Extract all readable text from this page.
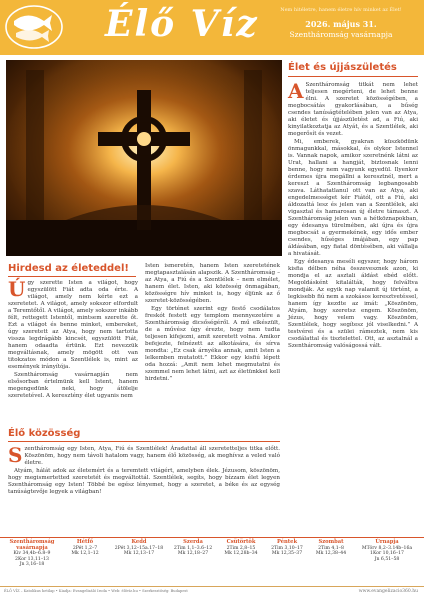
Élő Víz	Nem hitéletre, hanem életre hív minket az Élet!
2026. május 31.
Szentháromság vasárnapja
Hirdesd az életeddel!

Úgy szerette Isten a világot, hogy egyszülött Fiát adta oda érte. A világot, amely nem kérte ezt a szeretetet. A világot, amely sokszor elfordult a Teremtőtől. A világot, amely sokszor inkább félt, rettegett Istentől, mintsem szerette őt. Ezt a világot és benne minket, embereket, úgy szeretett az Atya, hogy nem tartotta vissza legdrágább kincsét, egyszülött Fiát, hanem odaadta értünk. Ezt nevezzük megváltásnak, amely mögött ott van titokzatos módon a Szentlélek is, mint az események irányítója.

Szentháromság vasárnapján nem elsősorban értelmünk kell Istent, hanem megengedünk neki, hogy átölelje szeretetével. A keresztény élet ugyanis nem

Isten ismeretén, hanem Isten szeretetének megtapasztalásán alapszik. A Szentháromság – az Atya, a Fiú és a Szentlélek – nem elmélet, hanem élet. Isten, aki közösség önmagában, közösségre hív minket is, hogy éljünk az ő szeretet-közösségében.

Egy történet szerint egy festő csodálatos freskót festett egy templom mennyezetére a Szentháromság dicsőségéről. A mű elkészült, de a művész úgy érezte, hogy nem tudta teljesen kifejezni, amit szeretett volna. Amikor befejezte, felnézett az alkotására, és sírva mondta: „Ez csak árnyéka annak, amit Isten a lelkemben mutatott.” Ekkor egy kisfiú lépett oda hozzá: „Amit nem lehet megmutatni és szemmel nem lehet látni, azt az életünkkel kell hirdetni.”

Élő közösség

Szentháromság egy Isten, Atya, Fiú és Szentlélek! Áradattal áll szeretetteljes titka előtt. Köszönöm, hogy nem távoli hatalom vagy, hanem élő közösség, ak meghívsz a veled való életre.

Atyám, hálát adok az életemért és a teremtett világért, amelyben élek. Jézusom, köszönöm, hogy megismertetted szeretetét és megváltottál. Szentlélek, segíts, hogy bízzam élet legyen Szentháromság egy Isten! Többé be egész lényemet, hogy a szeretet, a béke és az egység tanúságtevője legyek a világban!

Élet és újjászületés

A Szentháromság titkát nem lehet teljesen megérteni, de lehet benne élni. A szeretet közösségében, a megbocsátás gyakorlásában, a bűség csendes tanúságtételében jelen van az Atya, aki életet és újjászületést ad, a Fiú, aki kinyilatkoztatja az Atyát, és a Szentlélek, aki megerősít és vezet.

Mi, emberek, gyakran küszködünk önmagunkkal, másokkal, és olykor Istennel is. Vannak napok, amikor szeretnénk látni az Urat, hallani a hangját, biztosnak lenni benne, hogy nem vagyunk egyedül. Ilyenkor érdemes újra megállni a keresztnél, mert a kereszt a Szentháromság legbangosabb szava. Láthatatlanul ott van az Atya, aki engedelmességet kér Fiától, ott a Fiú, aki áldozattá lesz és jelen van a Szentlélek, aki vigasztal és hamarosan új életre támaszt. A Szentháromság jelen van a hétköznapokban, egy édesanya türelmében, aki újra és újra megbocsát a gyermekének, egy idős ember csendes, hűséges imájában, egy pap áldásában, egy fiatal döntésében, aki vállalja a hivatását.

Egy édesanya meséli egyszer, hogy három kisfia délben néha összevesznek azon, ki mondja el az asztali áldást ebéd előtt. Megoldásként kitalálták, hogy felváltva mondják. Az egyik nap valamit új történt, a legkisebb fiú nem a szokásos keresztvetéssel, hanem így kezdte az imát: „Köszönöm, Atyám, hogy szeretsz engem. Köszönöm, Jézus, hogy velem vagy. Köszönöm, Szentlélek, hogy segítesz jól viselkedni.” A testvérei és a szülei rámeztek, nem kis csodálattal és tisztelettel. Ott, az asztalnál a Szentháromság valóságossá vált.

Szentháromság vasárnapja
Kiv 34,4b–6.8–9
2Kor 13,11–13
Jn 3,16–18
Hétfő
2Pét 1,2–7
Mk 12,1–12
Kedd
2Pét 3,12–15a.17–18
Mk 12,13–17
Szerda
2Tim 1,1–3.6–12
Mk 12,18–27
Csütörtök
2Tim 2,8–15
Mk 12,28b–34
Péntek
2Tim 3,10–17
Mk 12,35–37
Szombat
2Tim 4,1–8
Mk 12,38–44
Úrnapja
MTörv 8,2–3.14b–16a
1Kor 10,16–17
Jn 6,51–58
ÉLŐ VÍZ – Katolikus hetilap • Kiadja: Evangelizáló Iroda • Web: élővíz.hu • Szerkesztőség: Budapest	www.evangelizacio360.hu
